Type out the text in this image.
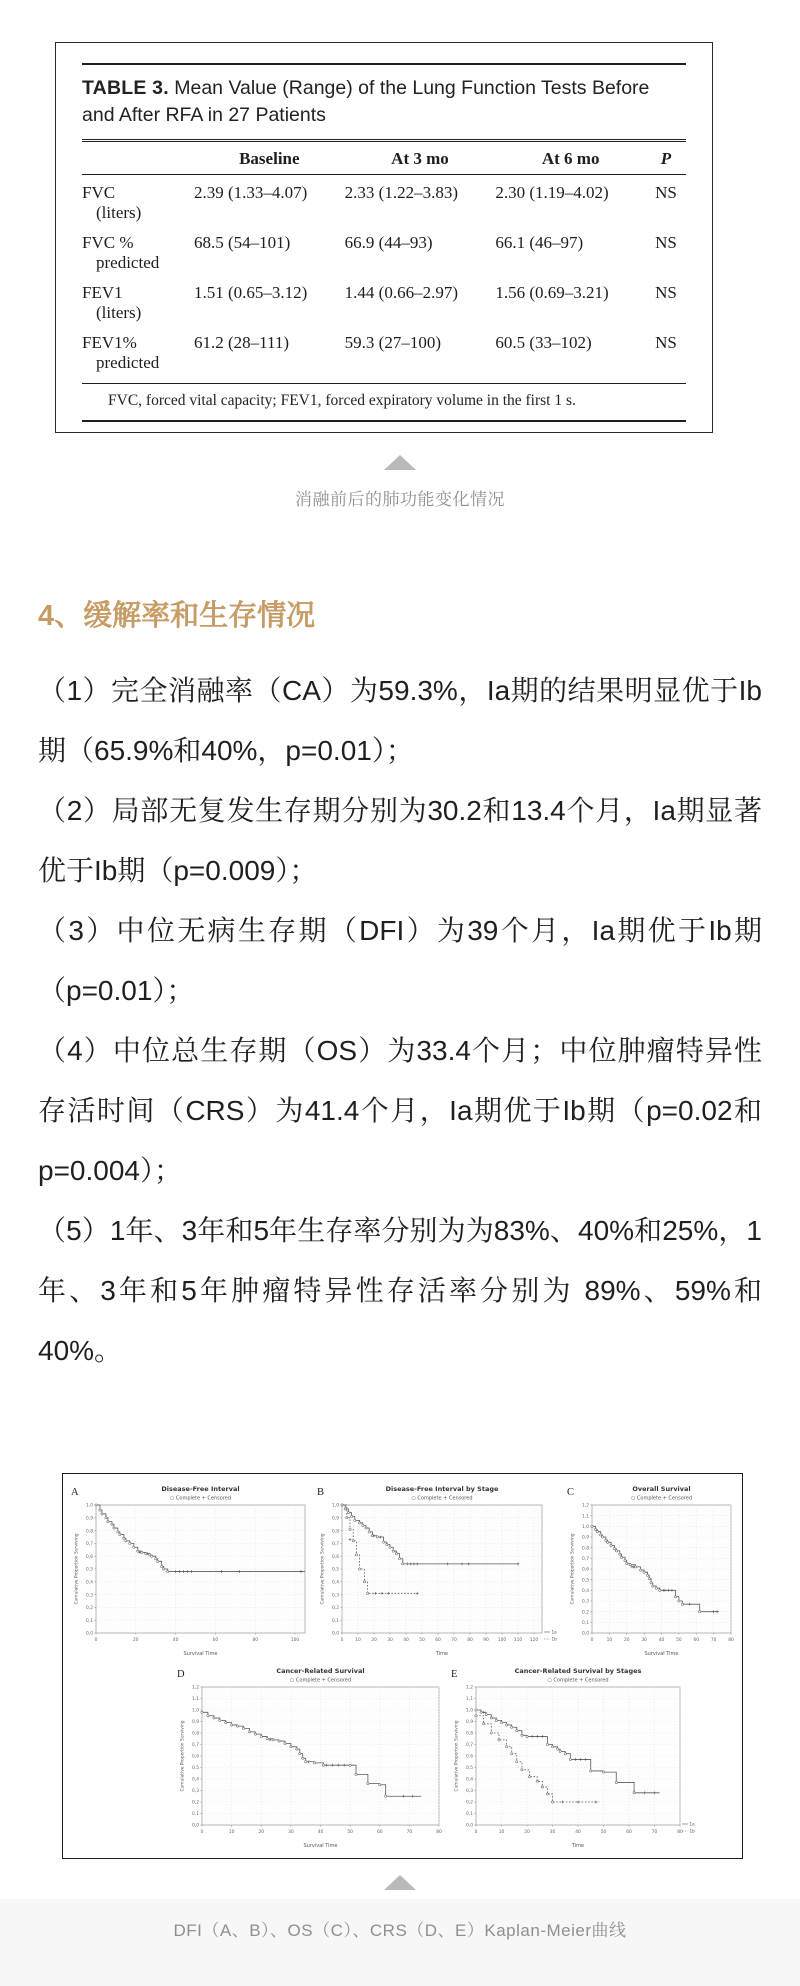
TABLE 3. Mean Value (Range) of the Lung Function Tests Before and After RFA in 27 Patients
	Baseline	At 3 mo	At 6 mo	P
FVC
(liters)	2.39 (1.33–4.07)	2.33 (1.22–3.83)	2.30 (1.19–4.02)	NS
FVC %
predicted	68.5 (54–101)	66.9 (44–93)	66.1 (46–97)	NS
FEV1
(liters)	1.51 (0.65–3.12)	1.44 (0.66–2.97)	1.56 (0.69–3.21)	NS
FEV1%
predicted	61.2 (28–111)	59.3 (27–100)	60.5 (33–102)	NS
FVC, forced vital capacity; FEV1, forced expiratory volume in the first 1 s.
消融前后的肺功能变化情况
4、缓解率和生存情况

（1）完全消融率（CA）为59.3%，Ia期的结果明显优于Ib期（65.9%和40%，p=0.01）；

（2）局部无复发生存期分别为30.2和13.4个月，Ia期显著优于Ib期（p=0.009）；

（3）中位无病生存期（DFI）为39个月，Ia期优于Ib期（p=0.01）；

（4）中位总生存期（OS）为33.4个月；中位肿瘤特异性存活时间（CRS）为41.4个月，Ia期优于Ib期（p=0.02和p=0.004）；

（5）1年、3年和5年生存率分别为为83%、40%和25%，1年、3年和5年肿瘤特异性存活率分别为 89%、59%和40%。

A	Disease-Free Interval
○ Complete + Censored
0,0
0,1
0,2
0,3
0,4
0,5
0,6
0,7
0,8
0,9
1,0
0	20	40	60	80	100
Survival Time
Cumulative Proportion Surviving
B	Disease-Free Interval by Stage
○ Complete + Censored
0,0
0,1
0,2
0,3
0,4
0,5
0,6
0,7
0,8
0,9
1,0
0	10 20 30 40 50 60 70 80 90 100 110 120
Time
Cumulative Proportion Surviving
1a
1b
C	Overall Survival
○ Complete + Censored
0,0
0,1
0,2
0,3
0,4
0,5
0,6
0,7
0,8
0,9
1,0
1,1
1,2
0	10	20	30	40	50	60	70	80
Survival Time
Cumulative Proportion Surviving
D	Cancer-Related Survival
○ Complete + Censored
0,0
0,1
0,2
0,3
0,4
0,5
0,6
0,7
0,8
0,9
1,0
1,1
1,2
0	10	20	30	40	50	60	70	80
Survival Time
Cumulative Proportion Surviving
E	Cancer-Related Survival by Stages
○ Complete + Censored
0,0
0,1
0,2
0,3
0,4
0,5
0,6
0,7
0,8
0,9
1,0
1,1
1,2
0	10	20	30	40	50	60	70	80
Time
Cumulative Proportion Surviving
1a
1b
DFI（A、B）、OS（C）、CRS（D、E）Kaplan-Meier曲线
